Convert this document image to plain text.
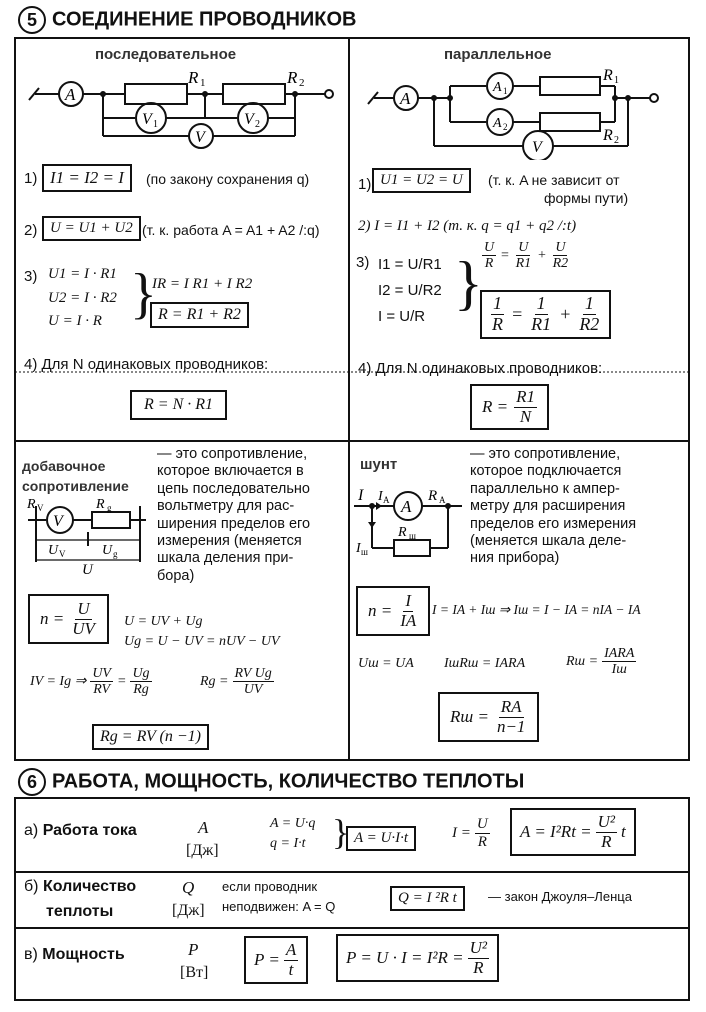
5 СОЕДИНЕНИЕ ПРОВОДНИКОВ
последовательное
A
R 1	R 2
V 1	V 2
V
1) I1 = I2 = I	(по закону сохранения q)
2) U = U1 + U2 (т. к. работа A = A1 + A2 /:q)
3) U1 = I · R1
U2 = I · R2
U = I · R }
IR = I R1 + I R2
R = R1 + R2
4) Для N одинаковых проводников:
R = N · R1
параллельное
A
A 1
A 2
R 1
R 2
V
1) U1 = U2 = U	(т. к. A не зависит от
формы пути)
2) I = I1 + I2 (т. к. q = q1 + q2 /:t)
3) I1 = U/R1
I2 = U/R2
I = U/R
} $\frac{U}{R} = \frac{U}{R1} + \frac{U}{R2}$
$\frac{1}{R} = \frac{1}{R1} + \frac{1}{R2}$
4) Для N одинаковых проводников:
$R = \frac{R1}{N}$
добавочное
сопротивление
R V
V
R g
U V	U g
U
— это сопротивление,
которое включается в
цепь последовательно
вольтметру для рас-
ширения пределов его
измерения (меняется
шкала деления при-
бора)
$n = \frac{U}{UV}$ U = UV + Ug
Ug = U − UV = nUV − UV
IV = Ig ⇒ $\frac{UV}{RV} = \frac{Ug}{Rg}$	$Rg = \frac{\text{RV Ug}}{UV}$
Rg = RV (n −1)
шунт
I I A A
R A
I ш
R ш
— это сопротивление,
которое подключается
параллельно к ампер-
метру для расширения
пределов его измерения
(меняется шкала деле-
ния прибора)
$n = \frac{I}{IA}$ I = IA + Iш ⇒ Iш = I − IA = nIA − IA
Uш = UA IшRш = IARA	Rш = $\frac{\text{IARA}}{Iш}$
Rш = $\frac{RA}{n-1}$
6 РАБОТА, МОЩНОСТЬ, КОЛИЧЕСТВО ТЕПЛОТЫ
а) Работа тока	A
[Дж]
A = U·q
q = I·t } A = U·I·t	$I = \frac{U}{R}$ $A = I^2Rt = \frac{\text{U²}}{R}$ t
б) Количество
теплоты
Q
[Дж]
если проводник
неподвижен: A = Q
Q = I ²R t	— закон Джоуля–Ленца
в) Мощность	P
[Вт]
$P = \frac{A}{t}$	$P = U \cdot I = I^2R = \frac{\text{U²}}{R}$
